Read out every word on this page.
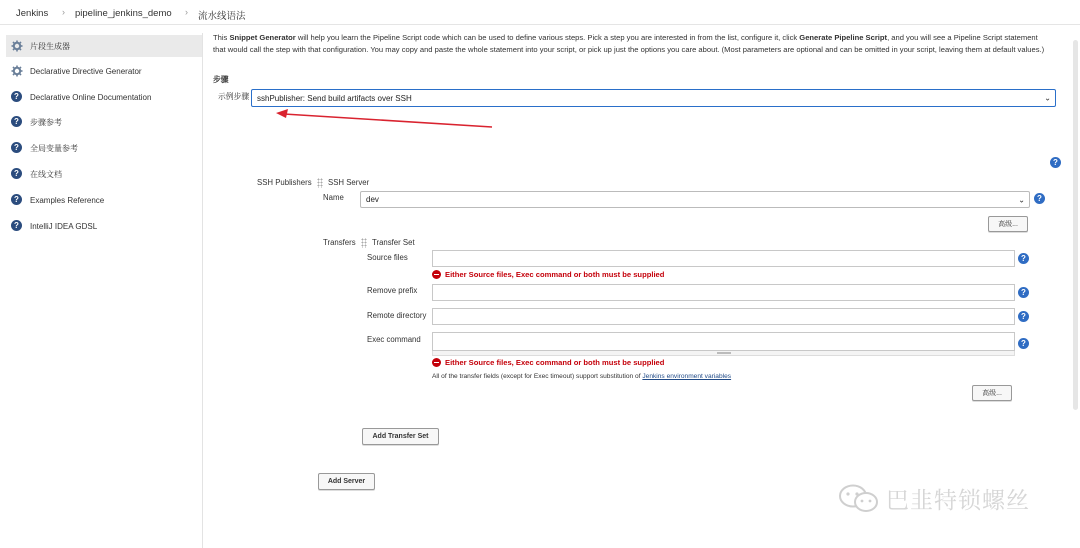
Jenkins › pipeline_jenkins_demo › 流水线语法
片段生成器
Declarative Directive Generator
?	Declarative Online Documentation
?	步骤参考
?	全局变量参考
?	在线文档
?	Examples Reference
?	IntelliJ IDEA GDSL
This Snippet Generator will help you learn the Pipeline Script code which can be used to define various steps. Pick a step you are interested in from the list, configure it, click Generate Pipeline Script, and you will see a Pipeline Script statement that would call the step with that configuration. You may copy and paste the whole statement into your script, or pick up just the options you care about. (Most parameters are optional and can be omitted in your script, leaving them at default values.)
步骤
示例步骤 sshPublisher: Send build artifacts over SSH	⌄
?
SSH Publishers	SSH Server
Name	dev	⌄	?
高级...
Transfers	Transfer Set
Source files	?
Either Source files, Exec command or both must be supplied
Remove prefix	?
Remote directory	?
Exec command	?
Either Source files, Exec command or both must be supplied
All of the transfer fields (except for Exec timeout) support substitution of Jenkins environment variables
高级...
Add Transfer Set
Add Server
巴韭特锁螺丝
